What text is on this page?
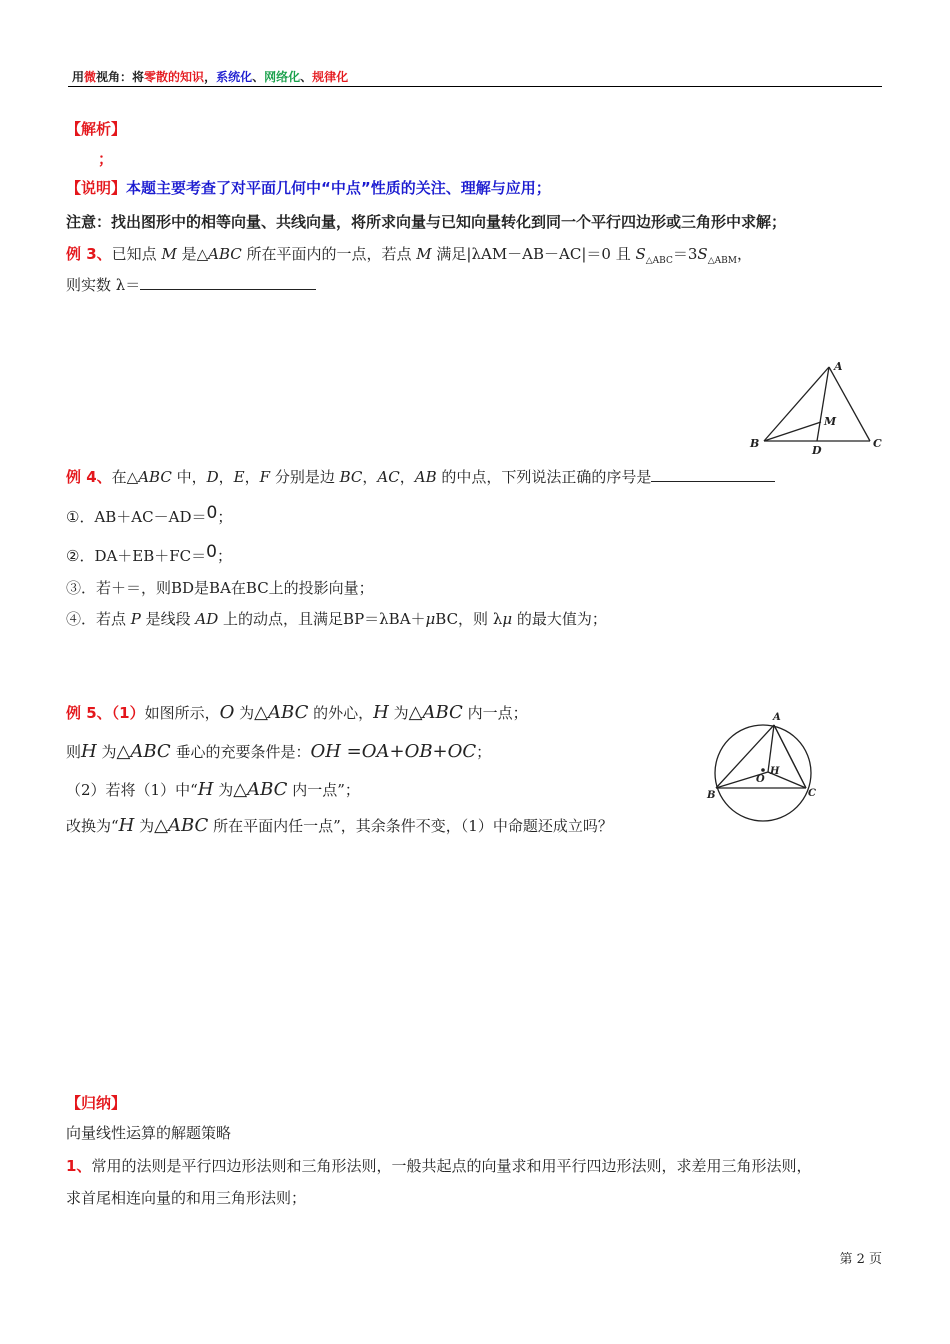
用微视角：将零散的知识，系统化、网络化、规律化
【解析】
；
【说明】本题主要考查了对平面几何中“中点”性质的关注、理解与应用；
注意：找出图形中的相等向量、共线向量，将所求向量与已知向量转化到同一个平行四边形或三角形中求解；
例 3、已知点 M 是△ABC 所在平面内的一点，若点 M 满足|λAM－AB－AC|＝0 且 $S_{\triangle ABC}=3S_{\triangle ABM}$，
则实数 λ＝
A
B	C
D
M
例 4、在△ABC 中，D，E，F 分别是边 BC，AC，AB 的中点，下列说法正确的序号是
①．AB＋AC－AD＝0；
②．DA＋EB＋FC＝0；
③．若＋＝，则BD是BA在BC上的投影向量；
④．若点 P 是线段 AD 上的动点，且满足BP＝λBA＋μBC，则 λμ 的最大值为；
例 5、（1）如图所示，O 为△ABC 的外心，H 为△ABC 内一点；
则H 为△ABC 垂心的充要条件是：OH =OA+OB+OC；
（2）若将（1）中“H 为△ABC 内一点”；
改换为“H 为△ABC 所在平面内任一点”，其余条件不变，（1）中命题还成立吗？
A
B	C
H
O
【归纳】
向量线性运算的解题策略
1、常用的法则是平行四边形法则和三角形法则，一般共起点的向量求和用平行四边形法则，求差用三角形法则，
求首尾相连向量的和用三角形法则；
第 2 页
